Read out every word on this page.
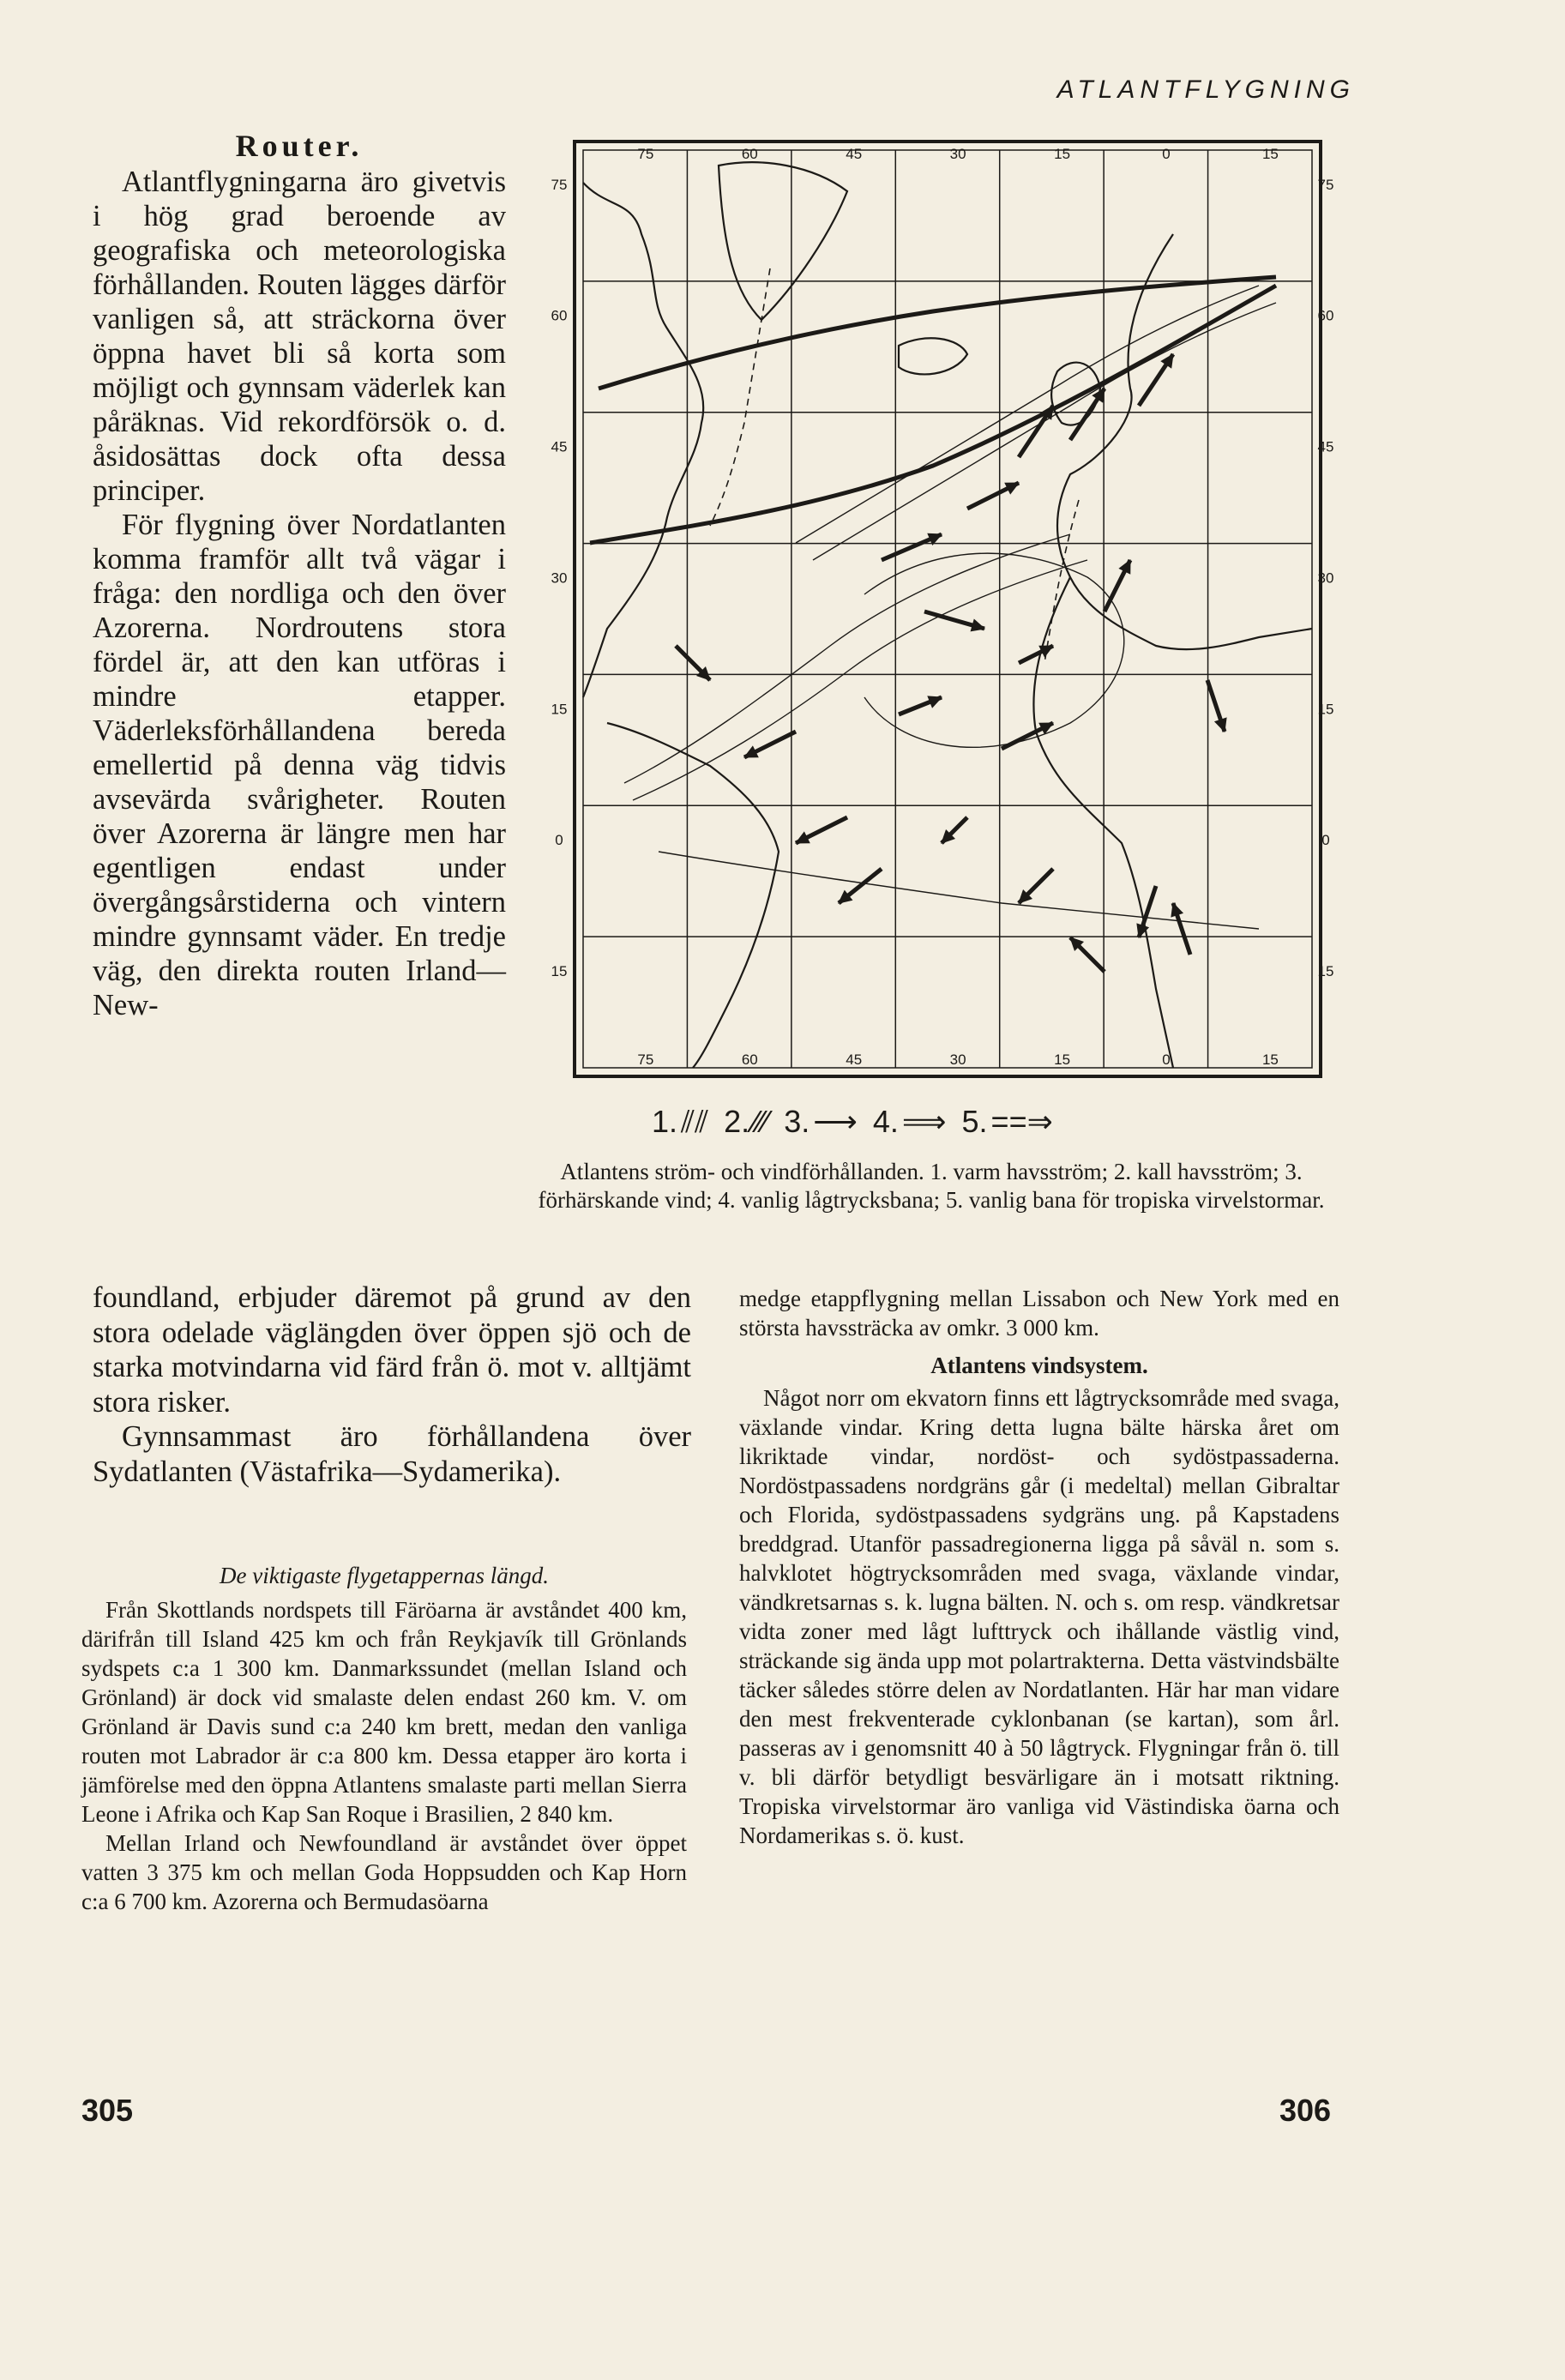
ATLANTFLYGNING

Router.

Atlantflygningarna äro givetvis i hög grad beroende av geografiska och meteorologiska förhållanden. Routen lägges därför vanligen så, att sträckorna över öppna havet bli så korta som möjligt och gynnsam väderlek kan påräknas. Vid rekordförsök o. d. åsidosättas dock ofta dessa principer.

För flygning över Nordatlanten komma framför allt två vägar i fråga: den nordliga och den över Azorerna. Nordroutens stora fördel är, att den kan utföras i mindre etapper. Väderleksförhållandena bereda emellertid på denna väg tidvis avsevärda svårigheter. Routen över Azorerna är längre men har egentligen endast under övergångsårstiderna och vintern mindre gynnsamt väder. En tredje väg, den direkta routen Irland—New-

75	60	45	30	15	0	15
75	60	45	30	15	0	15
75
60
45
30
15
0
15
75
60
45
30
15
0
15
1. ⫽⫽ 2. ⁄⁄⁄ 3. ⟶ 4. ⟹ 5. ==⇒
Atlantens ström- och vindförhållanden. 1. varm havsström; 2. kall havsström; 3. förhärskande vind; 4. vanlig lågtrycksbana; 5. vanlig bana för tropiska virvelstormar.

foundland, erbjuder däremot på grund av den stora odelade väglängden över öppen sjö och de starka motvindarna vid färd från ö. mot v. alltjämt stora risker.

Gynnsammast äro förhållandena över Sydatlanten (Västafrika—Sydamerika).

De viktigaste flygetappernas längd.

Från Skottlands nordspets till Färöarna är avståndet 400 km, därifrån till Island 425 km och från Reykjavík till Grönlands sydspets c:a 1 300 km. Danmarkssundet (mellan Island och Grönland) är dock vid smalaste delen endast 260 km. V. om Grönland är Davis sund c:a 240 km brett, medan den vanliga routen mot Labrador är c:a 800 km. Dessa etapper äro korta i jämförelse med den öppna Atlantens smalaste parti mellan Sierra Leone i Afrika och Kap San Roque i Brasilien, 2 840 km.

Mellan Irland och Newfoundland är avståndet över öppet vatten 3 375 km och mellan Goda Hoppsudden och Kap Horn c:a 6 700 km. Azorerna och Bermudasöarna

medge etappflygning mellan Lissabon och New York med en största havssträcka av omkr. 3 000 km.

Atlantens vindsystem.

Något norr om ekvatorn finns ett lågtrycksområde med svaga, växlande vindar. Kring detta lugna bälte härska året om likriktade vindar, nordöst- och sydöstpassaderna. Nordöstpassadens nordgräns går (i medeltal) mellan Gibraltar och Florida, sydöstpassadens sydgräns ung. på Kapstadens breddgrad. Utanför passadregionerna ligga på såväl n. som s. halvklotet högtrycksområden med svaga, växlande vindar, vändkretsarnas s. k. lugna bälten. N. och s. om resp. vändkretsar vidta zoner med lågt lufttryck och ihållande västlig vind, sträckande sig ända upp mot polartrakterna. Detta västvindsbälte täcker således större delen av Nordatlanten. Här har man vidare den mest frekventerade cyklonbanan (se kartan), som årl. passeras av i genomsnitt 40 à 50 lågtryck. Flygningar från ö. till v. bli därför betydligt besvärligare än i motsatt riktning. Tropiska virvelstormar äro vanliga vid Västindiska öarna och Nordamerikas s. ö. kust.

305	306
